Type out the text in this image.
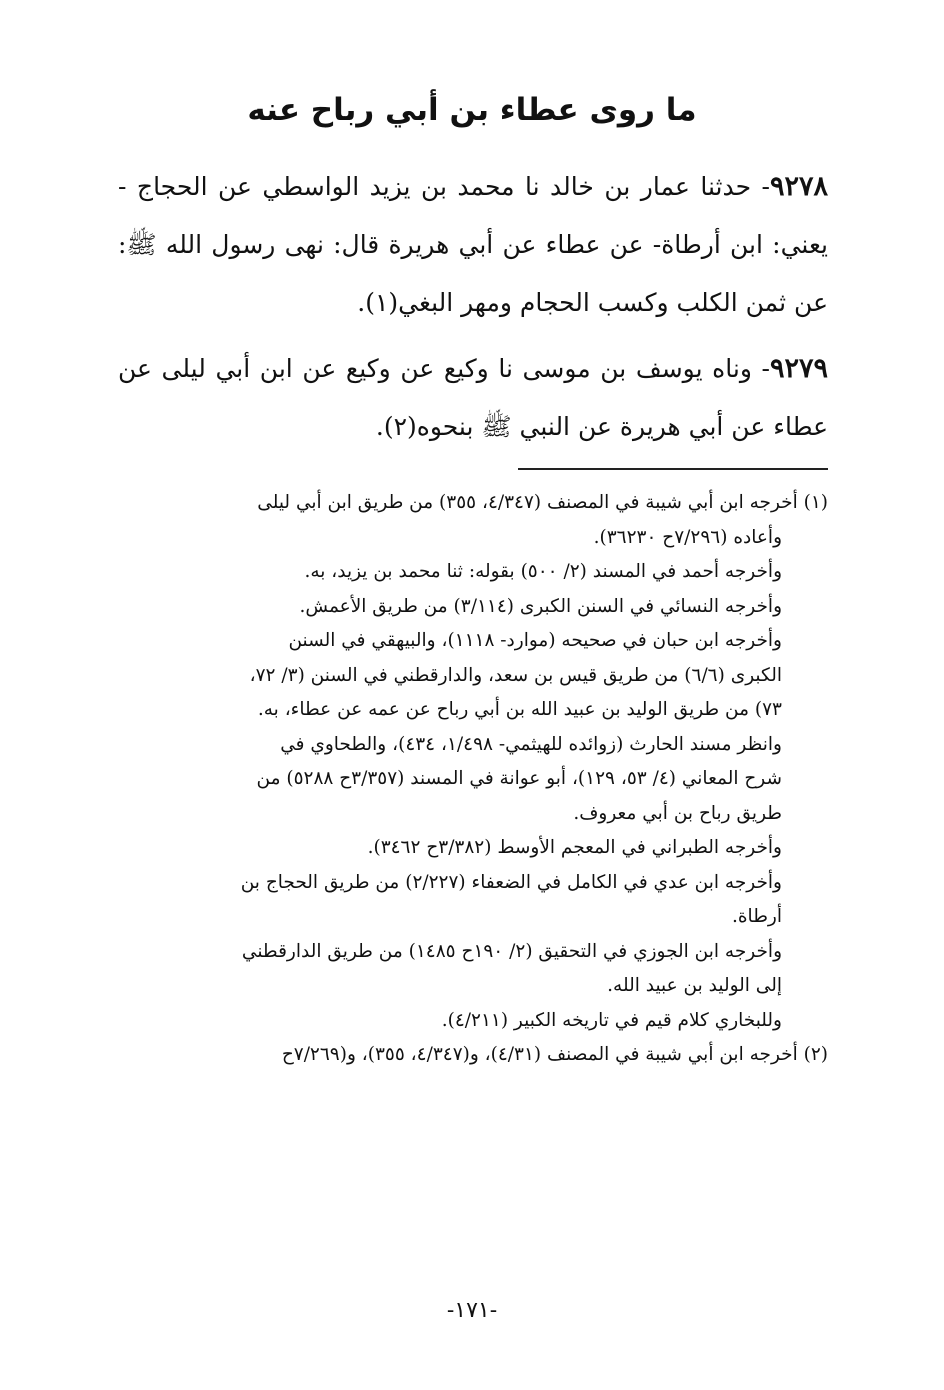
ما روى عطاء بن أبي رباح عنه
٩٢٧٨- حدثنا عمار بن خالد نا محمد بن يزيد الواسطي عن الحجاج - يعني: ابن أرطاة- عن عطاء عن أبي هريرة قال: نهى رسول الله ﷺ: عن ثمن الكلب وكسب الحجام ومهر البغي(١).
٩٢٧٩- وناه يوسف بن موسى نا وكيع عن وكيع عن ابن أبي ليلى عن عطاء عن أبي هريرة عن النبي ﷺ بنحوه(٢).

(١) أخرجه ابن أبي شيبة في المصنف (٤/٣٤٧، ٣٥٥) من طريق ابن أبي ليلى

وأعاده (٧/٢٩٦ح ٣٦٢٣٠).

وأخرجه أحمد في المسند (٢/ ٥٠٠) بقوله: ثنا محمد بن يزيد، به.

وأخرجه النسائي في السنن الكبرى (٣/١١٤) من طريق الأعمش.

وأخرجه ابن حبان في صحيحه (موارد- ١١١٨)، والبيهقي في السنن

الكبرى (٦/٦) من طريق قيس بن سعد، والدارقطني في السنن (٣/ ٧٢،

٧٣) من طريق الوليد بن عبيد الله بن أبي رباح عن عمه عن عطاء، به.

وانظر مسند الحارث (زوائده للهيثمي- ١/٤٩٨، ٤٣٤)، والطحاوي في

شرح المعاني (٤/ ٥٣، ١٢٩)، أبو عوانة في المسند (٣/٣٥٧ح ٥٢٨٨) من

طريق رباح بن أبي معروف.

وأخرجه الطبراني في المعجم الأوسط (٣/٣٨٢ح ٣٤٦٢).

وأخرجه ابن عدي في الكامل في الضعفاء (٢/٢٢٧) من طريق الحجاج بن

أرطاة.

وأخرجه ابن الجوزي في التحقيق (٢/ ١٩٠ح ١٤٨٥) من طريق الدارقطني

إلى الوليد بن عبيد الله.

وللبخاري كلام قيم في تاريخه الكبير (٤/٢١١).

(٢) أخرجه ابن أبي شيبة في المصنف (٤/٣١)، و(٤/٣٤٧، ٣٥٥)، و(٧/٢٦٩ح

-١٧١-
